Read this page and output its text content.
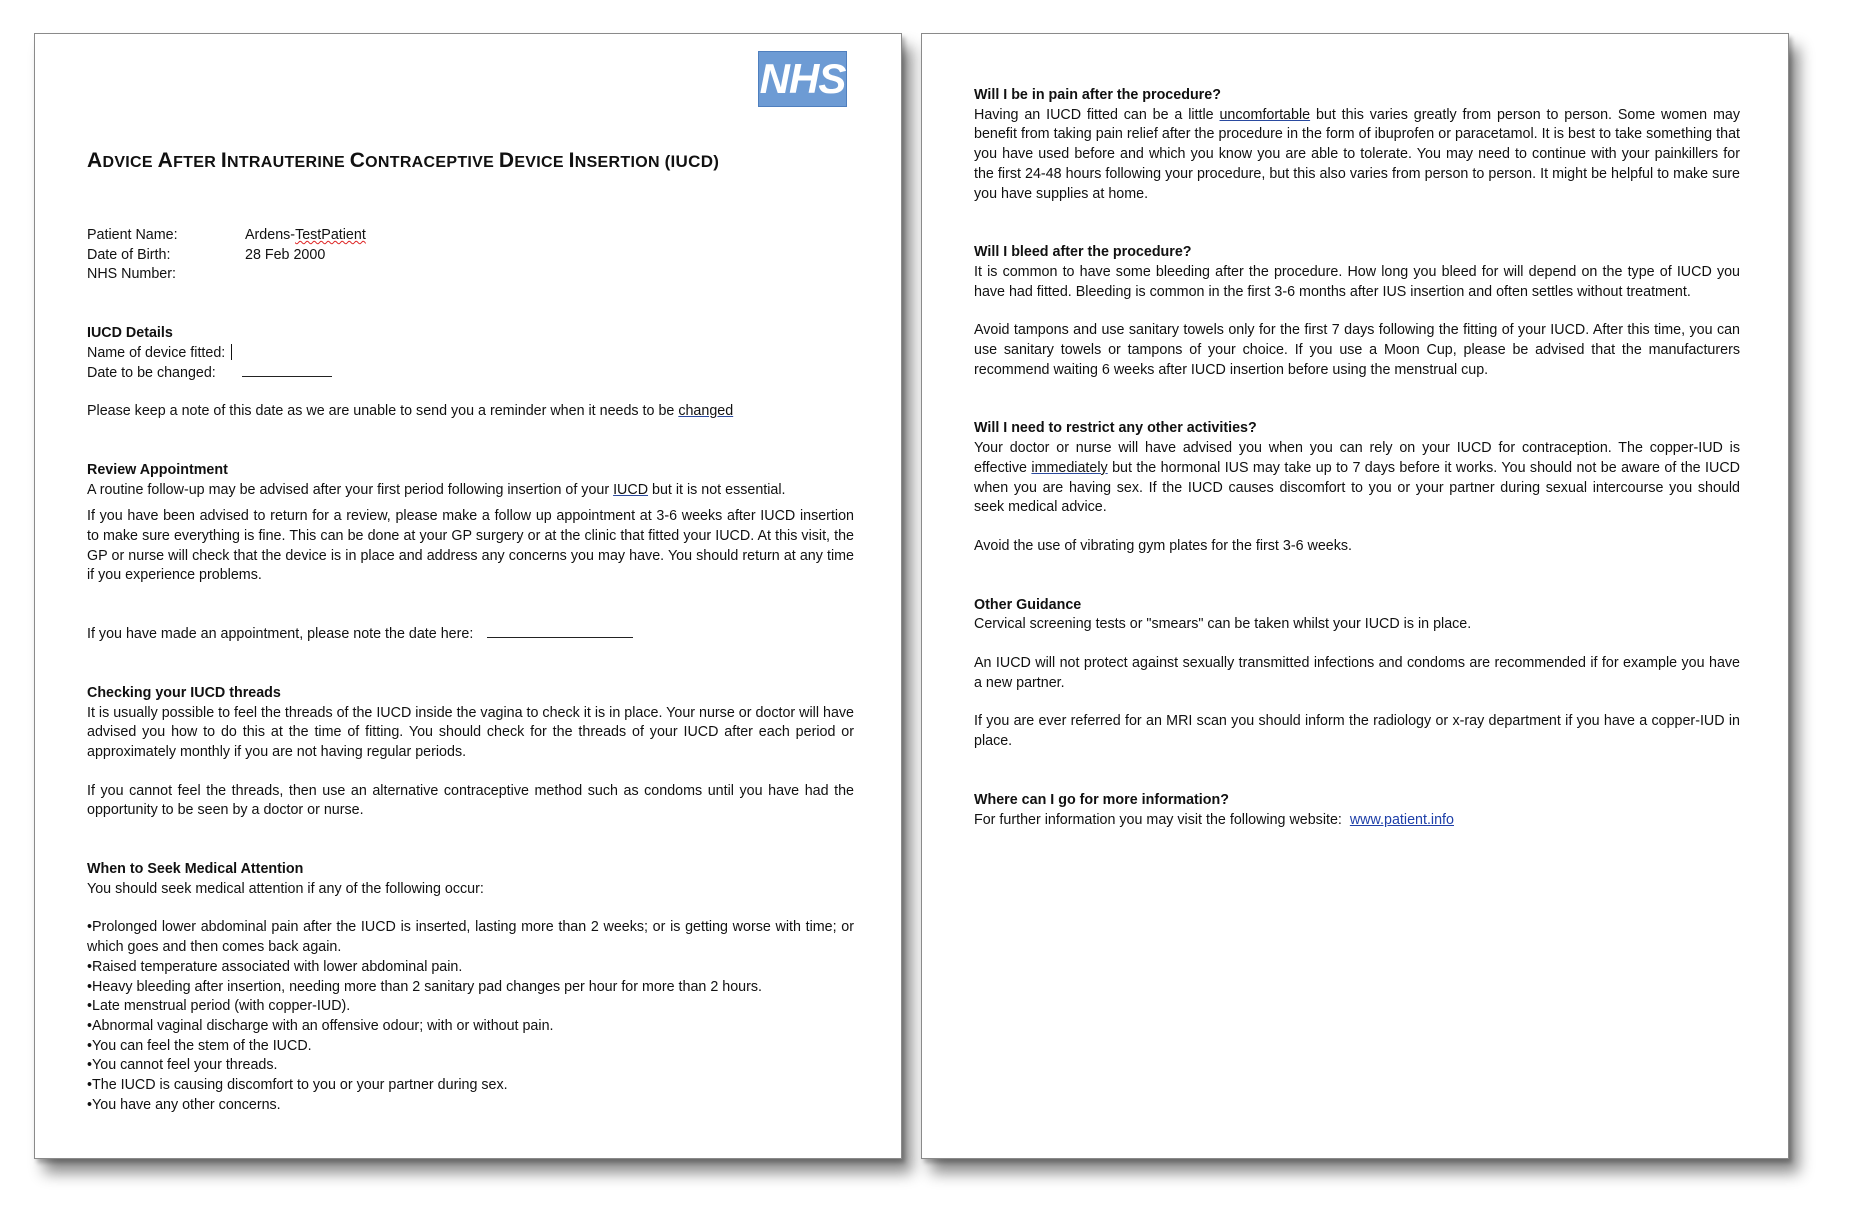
NHS
ADVICE AFTER INTRAUTERINE CONTRACEPTIVE DEVICE INSERTION (IUCD)
Patient Name:	Ardens-TestPatient
Date of Birth:	28 Feb 2000
NHS Number:
IUCD Details
Name of device fitted:
Date to be changed:
Please keep a note of this date as we are unable to send you a reminder when it needs to be changed
Review Appointment
A routine follow-up may be advised after your first period following insertion of your IUCD but it is not essential.
If you have been advised to return for a review, please make a follow up appointment at 3-6 weeks after IUCD insertion to make sure everything is fine. This can be done at your GP surgery or at the clinic that fitted your IUCD. At this visit, the GP or nurse will check that the device is in place and address any concerns you may have. You should return at any time if you experience problems.
If you have made an appointment, please note the date here:
Checking your IUCD threads
It is usually possible to feel the threads of the IUCD inside the vagina to check it is in place. Your nurse or doctor will have advised you how to do this at the time of fitting. You should check for the threads of your IUCD after each period or approximately monthly if you are not having regular periods.
If you cannot feel the threads, then use an alternative contraceptive method such as condoms until you have had the opportunity to be seen by a doctor or nurse.
When to Seek Medical Attention
You should seek medical attention if any of the following occur:
• Prolonged lower abdominal pain after the IUCD is inserted, lasting more than 2 weeks; or is getting worse with time; or which goes and then comes back again.
• Raised temperature associated with lower abdominal pain.
• Heavy bleeding after insertion, needing more than 2 sanitary pad changes per hour for more than 2 hours.
• Late menstrual period (with copper-IUD).
• Abnormal vaginal discharge with an offensive odour; with or without pain.
• You can feel the stem of the IUCD.
• You cannot feel your threads.
• The IUCD is causing discomfort to you or your partner during sex.
• You have any other concerns.
Will I be in pain after the procedure?
Having an IUCD fitted can be a little uncomfortable but this varies greatly from person to person. Some women may benefit from taking pain relief after the procedure in the form of ibuprofen or paracetamol. It is best to take something that you have used before and which you know you are able to tolerate. You may need to continue with your painkillers for the first 24-48 hours following your procedure, but this also varies from person to person. It might be helpful to make sure you have supplies at home.
Will I bleed after the procedure?
It is common to have some bleeding after the procedure. How long you bleed for will depend on the type of IUCD you have had fitted. Bleeding is common in the first 3-6 months after IUS insertion and often settles without treatment.
Avoid tampons and use sanitary towels only for the first 7 days following the fitting of your IUCD. After this time, you can use sanitary towels or tampons of your choice. If you use a Moon Cup, please be advised that the manufacturers recommend waiting 6 weeks after IUCD insertion before using the menstrual cup.
Will I need to restrict any other activities?
Your doctor or nurse will have advised you when you can rely on your IUCD for contraception. The copper-IUD is effective immediately but the hormonal IUS may take up to 7 days before it works. You should not be aware of the IUCD when you are having sex. If the IUCD causes discomfort to you or your partner during sexual intercourse you should seek medical advice.
Avoid the use of vibrating gym plates for the first 3-6 weeks.
Other Guidance
Cervical screening tests or "smears" can be taken whilst your IUCD is in place.
An IUCD will not protect against sexually transmitted infections and condoms are recommended if for example you have a new partner.
If you are ever referred for an MRI scan you should inform the radiology or x-ray department if you have a copper-IUD in place.
Where can I go for more information?
For further information you may visit the following website: www.patient.info
